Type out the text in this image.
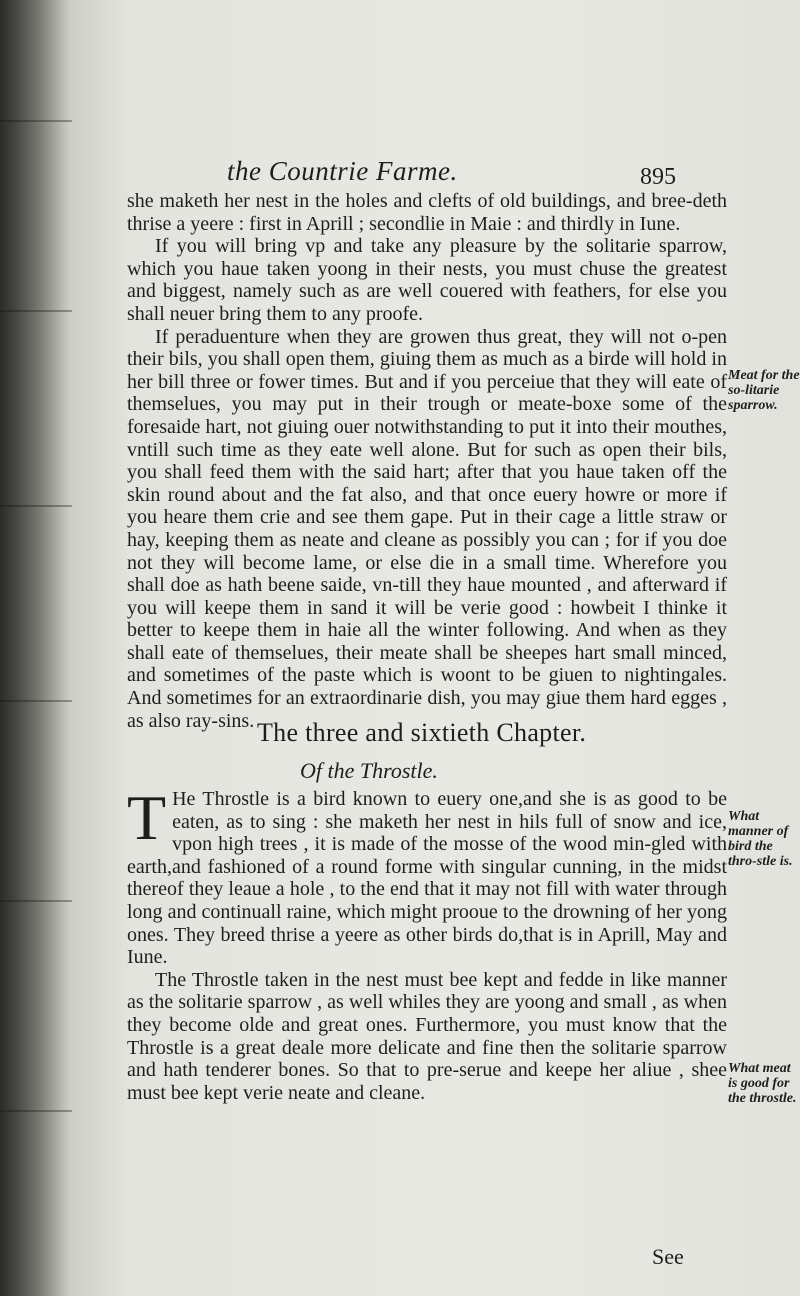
the Countrie Farme.	895

she maketh her nest in the holes and clefts of old buildings, and bree-deth thrise a yeere : first in Aprill ; secondlie in Maie : and thirdly in Iune.

If you will bring vp and take any pleasure by the solitarie sparrow, which you haue taken yoong in their nests, you must chuse the greatest and biggest, namely such as are well couered with feathers, for else you shall neuer bring them to any proofe.

If peraduenture when they are growen thus great, they will not o-pen their bils, you shall open them, giuing them as much as a birde will hold in her bill three or fower times. But and if you perceiue that they will eate of themselues, you may put in their trough or meate-boxe some of the foresaide hart, not giuing ouer notwithstanding to put it into their mouthes, vntill such time as they eate well alone. But for such as open their bils, you shall feed them with the said hart; after that you haue taken off the skin round about and the fat also, and that once euery howre or more if you heare them crie and see them gape. Put in their cage a little straw or hay, keeping them as neate and cleane as possibly you can ; for if you doe not they will become lame, or else die in a small time. Wherefore you shall doe as hath beene saide, vn-till they haue mounted , and afterward if you will keepe them in sand it will be verie good : howbeit I thinke it better to keepe them in haie all the winter following. And when as they shall eate of themselues, their meate shall be sheepes hart small minced, and sometimes of the paste which is woont to be giuen to nightingales. And sometimes for an extraordinarie dish, you may giue them hard egges , as also ray-sins. The three and sixtieth Chapter.
Of the Throstle.

T He Throstle is a bird known to euery one,and she is as good to be eaten, as to sing : she maketh her nest in hils full of snow and ice, vpon high trees , it is made of the mosse of the wood min-gled with earth,and fashioned of a round forme with singular cunning, in the midst thereof they leaue a hole , to the end that it may not fill with water through long and continuall raine, which might prooue to the drowning of her yong ones. They breed thrise a yeere as other birds do,that is in Aprill, May and Iune.

The Throstle taken in the nest must bee kept and fedde in like manner as the solitarie sparrow , as well whiles they are yoong and small , as when they become olde and great ones. Furthermore, you must know that the Throstle is a great deale more delicate and fine then the solitarie sparrow and hath tenderer bones. So that to pre-serue and keepe her aliue , shee must bee kept verie neate and cleane.

Meat for the so-litarie sparrow.
What manner of bird the thro-stle is.
What meat is good for the throstle.
See
